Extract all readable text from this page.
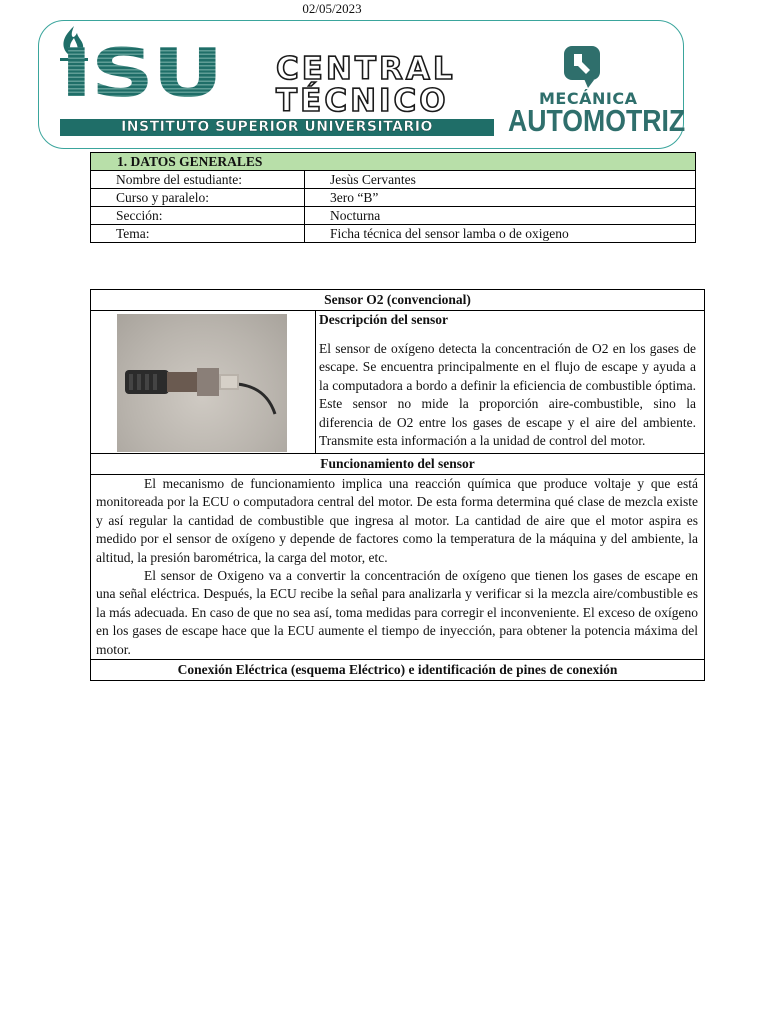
02/05/2023
ISU CENTRAL
TÉCNICO
INSTITUTO SUPERIOR UNIVERSITARIO
MECÁNICA
AUTOMOTRIZ
1. DATOS GENERALES	
Nombre del estudiante:	Jesùs Cervantes
Curso y paralelo:	3ero “B”
Sección:	Nocturna
Tema:	Ficha técnica del sensor lamba o de oxigeno
Sensor O2 (convencional)

Descripción del sensor

El sensor de oxígeno detecta la concentración de O2 en los gases de escape. Se encuentra principalmente en el flujo de escape y ayuda a la computadora a bordo a definir la eficiencia de combustible óptima. Este sensor no mide la proporción aire-combustible, sino la diferencia de O2 entre los gases de escape y el aire del ambiente. Transmite esta información a la unidad de control del motor.

Funcionamiento del sensor

El mecanismo de funcionamiento implica una reacción química que produce voltaje y que está monitoreada por la ECU o computadora central del motor. De esta forma determina qué clase de mezcla existe y así regular la cantidad de combustible que ingresa al motor. La cantidad de aire que el motor aspira es medido por el sensor de oxígeno y depende de factores como la temperatura de la máquina y del ambiente, la altitud, la presión barométrica, la carga del motor, etc.

El sensor de Oxigeno va a convertir la concentración de oxígeno que tienen los gases de escape en una señal eléctrica. Después, la ECU recibe la señal para analizarla y verificar si la mezcla aire/combustible es la más adecuada. En caso de que no sea así, toma medidas para corregir el inconveniente. El exceso de oxígeno en los gases de escape hace que la ECU aumente el tiempo de inyección, para obtener la potencia máxima del motor.

Conexión Eléctrica (esquema Eléctrico) e identificación de pines de conexión
